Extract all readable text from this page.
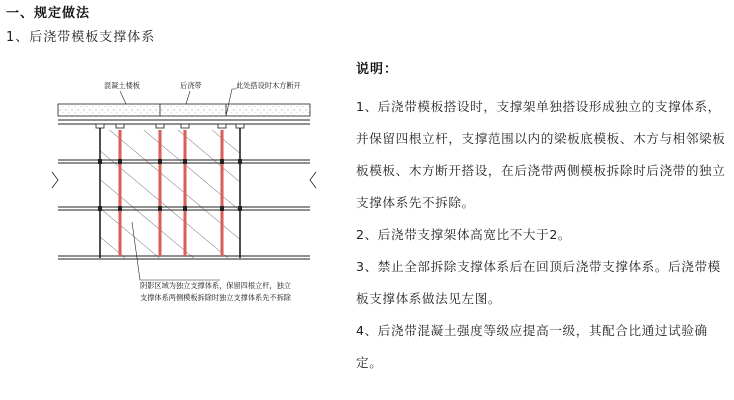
一、规定做法
1、后浇带模板支撑体系
混凝土楼板	后浇带	此处搭设时木方断开
阴影区域为独立支撑体系，保留四根立杆，独立
支撑体系两侧模板拆除时独立支撑体系先不拆除
说明：

1、后浇带模板搭设时，支撑架单独搭设形成独立的支撑体系，并保留四根立杆，支撑范围以内的梁板底模板、木方与相邻梁板板模板、木方断开搭设，在后浇带两侧模板拆除时后浇带的独立支撑体系先不拆除。

2、后浇带支撑架体高宽比不大于2。

3、禁止全部拆除支撑体系后在回顶后浇带支撑体系。后浇带模板支撑体系做法见左图。

4、后浇带混凝土强度等级应提高一级，其配合比通过试验确定。
